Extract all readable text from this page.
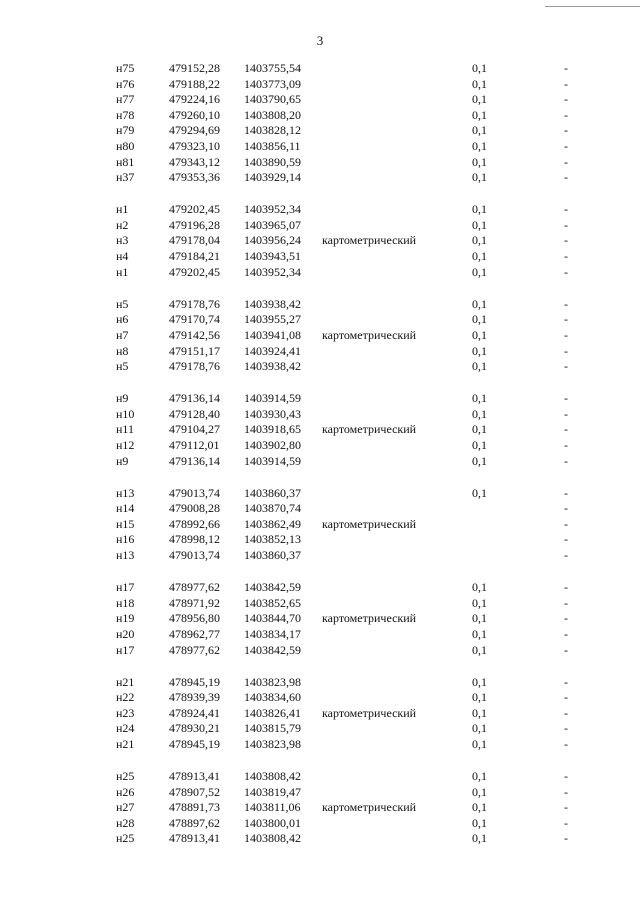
3
н75	479152,28 1403755,54	0,1	-
н76	479188,22 1403773,09	0,1	-
н77	479224,16 1403790,65	0,1	-
н78	479260,10 1403808,20	0,1	-
н79	479294,69 1403828,12	0,1	-
н80	479323,10 1403856,11	0,1	-
н81	479343,12 1403890,59	0,1	-
н37	479353,36 1403929,14	0,1	-
н1	479202,45 1403952,34	0,1	-
н2	479196,28 1403965,07	0,1	-
н3	479178,04 1403956,24 картометрический	0,1	-
н4	479184,21 1403943,51	0,1	-
н1	479202,45 1403952,34	0,1	-
н5	479178,76 1403938,42	0,1	-
н6	479170,74 1403955,27	0,1	-
н7	479142,56 1403941,08 картометрический	0,1	-
н8	479151,17 1403924,41	0,1	-
н5	479178,76 1403938,42	0,1	-
н9	479136,14 1403914,59	0,1	-
н10	479128,40 1403930,43	0,1	-
н11	479104,27 1403918,65 картометрический	0,1	-
н12	479112,01 1403902,80	0,1	-
н9	479136,14 1403914,59	0,1	-
н13	479013,74 1403860,37	0,1	-
н14	479008,28 1403870,74	-
н15	478992,66 1403862,49 картометрический	-
н16	478998,12 1403852,13	-
н13	479013,74 1403860,37	-
н17	478977,62 1403842,59	0,1	-
н18	478971,92 1403852,65	0,1	-
н19	478956,80 1403844,70 картометрический	0,1	-
н20	478962,77 1403834,17	0,1	-
н17	478977,62 1403842,59	0,1	-
н21	478945,19 1403823,98	0,1	-
н22	478939,39 1403834,60	0,1	-
н23	478924,41 1403826,41 картометрический	0,1	-
н24	478930,21 1403815,79	0,1	-
н21	478945,19 1403823,98	0,1	-
н25	478913,41 1403808,42	0,1	-
н26	478907,52 1403819,47	0,1	-
н27	478891,73 1403811,06 картометрический	0,1	-
н28	478897,62 1403800,01	0,1	-
н25	478913,41 1403808,42	0,1	-
